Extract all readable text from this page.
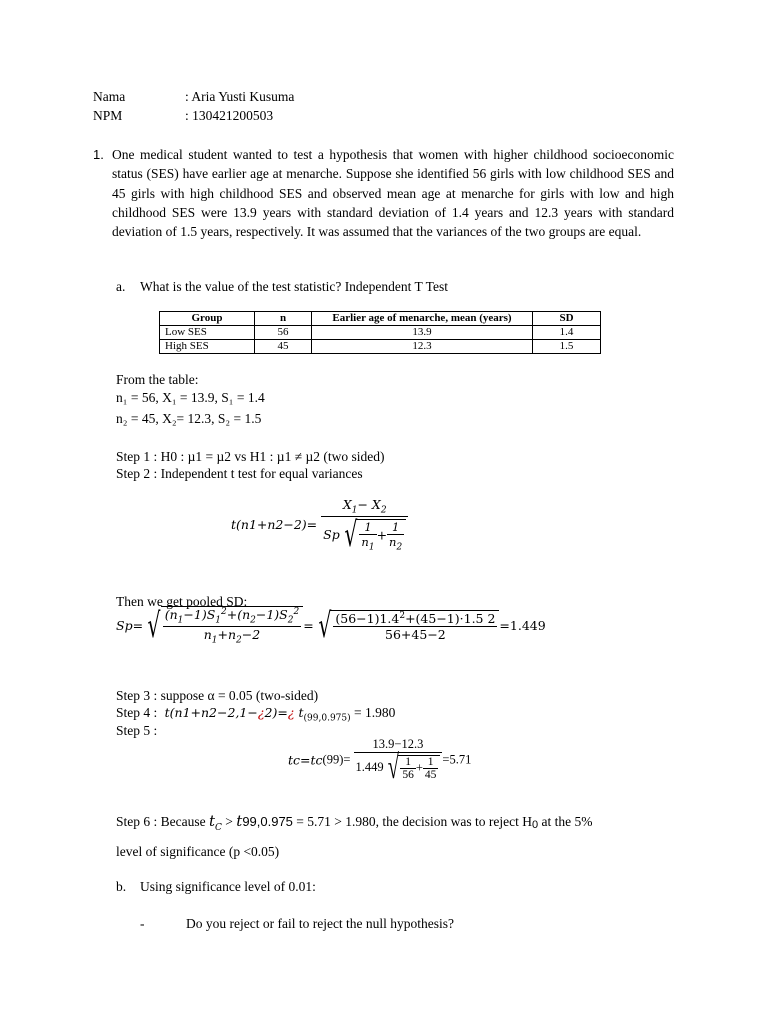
Nama	: Aria Yusti Kusuma
NPM	: 130421200503
1. One medical student wanted to test a hypothesis that women with higher childhood socioeconomic status (SES) have earlier age at menarche. Suppose she identified 56 girls with low childhood SES and 45 girls with high childhood SES and observed mean age at menarche for girls with low and high childhood SES were 13.9 years with standard deviation of 1.4 years and 12.3 years with standard deviation of 1.5 years, respectively. It was assumed that the variances of the two groups are equal.
a. What is the value of the test statistic? Independent T Test
Group	n	Earlier age of menarche, mean (years)	SD
Low SES	56	13.9	1.4
High SES	45	12.3	1.5
From the table:
n₁ = 56, X₁ = 13.9, S₁ = 1.4
n₂ = 45, X₂= 12.3, S₂ = 1.5
Step 1 : H0 : µ1 = µ2 vs H1 : µ1 ≠ µ2 (two sided)
Step 2 : Independent t test for equal variances
$t(n1+n2-2)= \frac{X_1- X_2}{Sp √ \frac{1}{n_1} + \frac{1}{n_2}}$
Then we get pooled SD:
Sp= √ $\frac{(n_1-1)S_1^2+(n_2-1)S_2^2}{n_1+n_2-2}$ = √ $\frac{(56-1)1.4^2+(45-1)\cdot 1.5 2}{56+45-2} =1.449$
Step 3 : suppose α = 0.05 (two-sided)
Step 4 :  t(n1+n2−2,1−¿2)=¿ $t_{(99,0.975)} = 1.980$
Step 5 :
$tc=tc(99)= \frac{13.9-12.3}{1.449 √ \frac{1}{56} + \frac{1}{45}} =5.71$
Step 6 : Because $t_C > t99,0.975 = 5.71 > 1.980$, the decision was to reject H0 at the 5%
level of significance (p <0.05)
b. Using significance level of 0.01:
-	Do you reject or fail to reject the null hypothesis?
